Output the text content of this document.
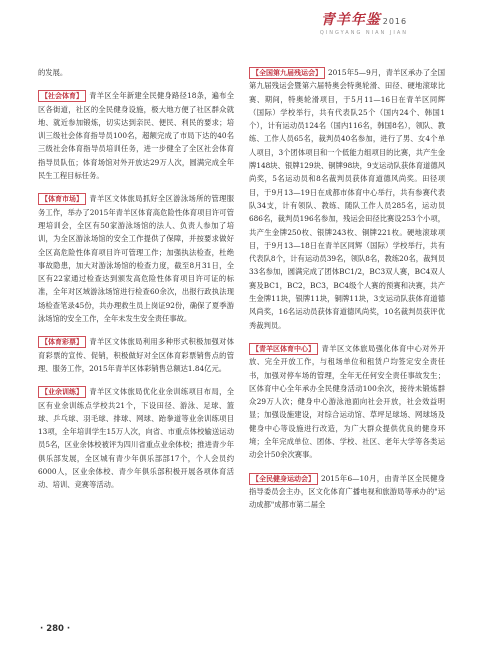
青羊年鉴 2016
QINGYANG NIAN JIAN

的发展。

【社会体育】 青羊区全年新建全民健身路径18条，遍布全区各街道，社区的全民健身设施，极大地方便了社区群众就地、就近参加锻炼，切实达到亲民、便民、利民的要求；培训三级社会体育指导员100名，超额完成了市局下达的40名三级社会体育指导员培训任务，进一步健全了全区社会体育指导员队伍；体育场馆对外开放达29万人次，圆满完成全年民生工程目标任务。

【体育市场】 青羊区文体旅局抓好全区游泳场所的管理服务工作，举办了2015年青羊区体育高危险性体育项目许可管理培训会，全区有50家游泳场馆的法人、负责人参加了培训，为全区游泳场馆的安全工作提供了保障，并按要求做好全区高危险性体育项目许可管理工作；加强执法检查，杜绝事故隐患，加大对游泳场馆的检查力度，截至8月31日，全区有22家通过检查达到颁发高危险性体育项目许可证的标准，全年对区域游泳场馆进行检查60余次，出报行政执法现场检查笔录45份，共办理救生员上岗证92份，确保了夏季游泳场馆的安全工作，全年未发生安全责任事故。

【体育彩票】 青羊区文体旅局利用多种形式积极加强对体育彩票的宣传、促销，积极做好对全区体育彩票销售点的管理、服务工作，2015年青羊区体彩销售总额达1.84亿元。

【业余训练】 青羊区文体旅局优化业余训练项目布局，全区有业余训练点学校共21个，下设田径、游泳、足球、篮球、乒乓球、羽毛球、排球、网球、跆拳道等业余训练项目13项，全年培训学生15万人次，向省、市重点体校输送运动员5名，区业余体校被评为四川省重点业余体校；推进青少年俱乐部发展，全区城有青少年俱乐部部17个，个人会员约6000人，区业余体校、青少年俱乐部积极开展各项体育活动、培训、竞赛等活动。

【全国第九届残运会】 2015年5—9月，青羊区承办了全国第九届残运会暨第六届特奥会特奥轮滑、田径、硬地滚球比赛、期间，特奥轮滑项目，于5月11—16日在青羊区同辉（国际）学校举行，共有代表队25个（国内24个、韩国1个），计有运动员124名（国内116名，韩国8名），领队、教练、工作人员65名，裁判员40名参加，进行了男、女4个单人项目，3个团体项目和一个低能力组项目的比赛，共产生金牌148块、银牌129块、铜牌98块，9支运动队获体育道德风尚奖，5名运动员和8名裁判员获体育道德风尚奖。田径项目，于9月13—19日在成都市体育中心举行，共有参赛代表队34支，计有领队、教练、随队工作人员285名，运动员686名，裁判员196名参加，残运会田径比赛设253个小项，共产生金牌250枚、银牌243枚、铜牌221枚。硬地滚球项目，于9月13—18日在青羊区同辉（国际）学校举行，共有代表队8个，计有运动员39名，领队8名，教练20名，裁判员33名参加，圆满完成了团体BC1/2，BC3双人赛，BC4双人赛及BC1，BC2，BC3，BC4级个人赛的预赛和决赛，共产生金牌11块，银牌11块，铜牌11块，3支运动队获体育道德风尚奖，16名运动员获体育道德风尚奖，10名裁判员获评优秀裁判员。

【青羊区体育中心】 青羊区文体旅局强化体育中心对外开放、完全开放工作，与租场单位和租赁户均签定安全责任书，加强对停车场的管理，全年无任何安全责任事故发生；区体育中心全年承办全民健身活动100余次，接待未锻炼群众29万人次；健身中心游泳池面向社会开放，社会效益明显；加强设施建设，对综合运动馆、草坪足球场、网球场及健身中心等设施进行改造，为广大群众提供优良的健身环境；全年完成单位、团体、学校、社区、老年大学等各类运动会计50余次赛事。

【全民健身运动会】 2015年6—10月，由青羊区全民健身指导委员会主办，区文化体育广播电视和旅游局等承办的"运动成都"成都市第二届全

· 280 ·
